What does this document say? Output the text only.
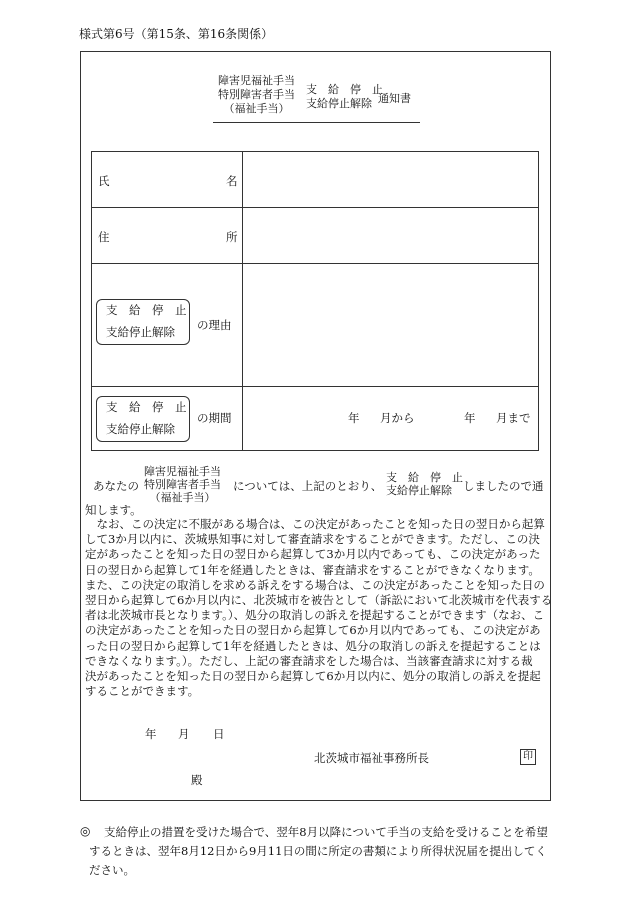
様式第6号（第15条、第16条関係）
障害児福祉手当
特別障害者手当
（福祉手当）
支　給　停　止
支給停止解除 通知書
氏	名
住	所
支　給　停　止
支給停止解除	の理由
支　給　停　止
支給停止解除
の期間	年 月から	年 月まで
あなたの
障害児福祉手当
特別障害者手当
（福祉手当）
については、上記のとおり、
支　給　停　止
支給停止解除 しましたので通
知します。
　なお、この決定に不服がある場合は、この決定があったことを知った日の翌日から起算
して3か月以内に、茨城県知事に対して審査請求をすることができます。ただし、この決
定があったことを知った日の翌日から起算して3か月以内であっても、この決定があった
日の翌日から起算して1年を経過したときは、審査請求をすることができなくなります。
また、この決定の取消しを求める訴えをする場合は、この決定があったことを知った日の
翌日から起算して6か月以内に、北茨城市を被告として（訴訟において北茨城市を代表する
者は北茨城市長となります。）、処分の取消しの訴えを提起することができます（なお、こ
の決定があったことを知った日の翌日から起算して6か月以内であっても、この決定があ
った日の翌日から起算して1年を経過したときは、処分の取消しの訴えを提起することは
できなくなります。）。ただし、上記の審査請求をした場合は、当該審査請求に対する裁
決があったことを知った日の翌日から起算して6か月以内に、処分の取消しの訴えを提起
することができます。
年 月 日
北茨城市福祉事務所長	印
殿
◎ 支給停止の措置を受けた場合で、翌年8月以降について手当の支給を受けることを希望
するときは、翌年8月12日から9月11日の間に所定の書類により所得状況届を提出してく
ださい。
